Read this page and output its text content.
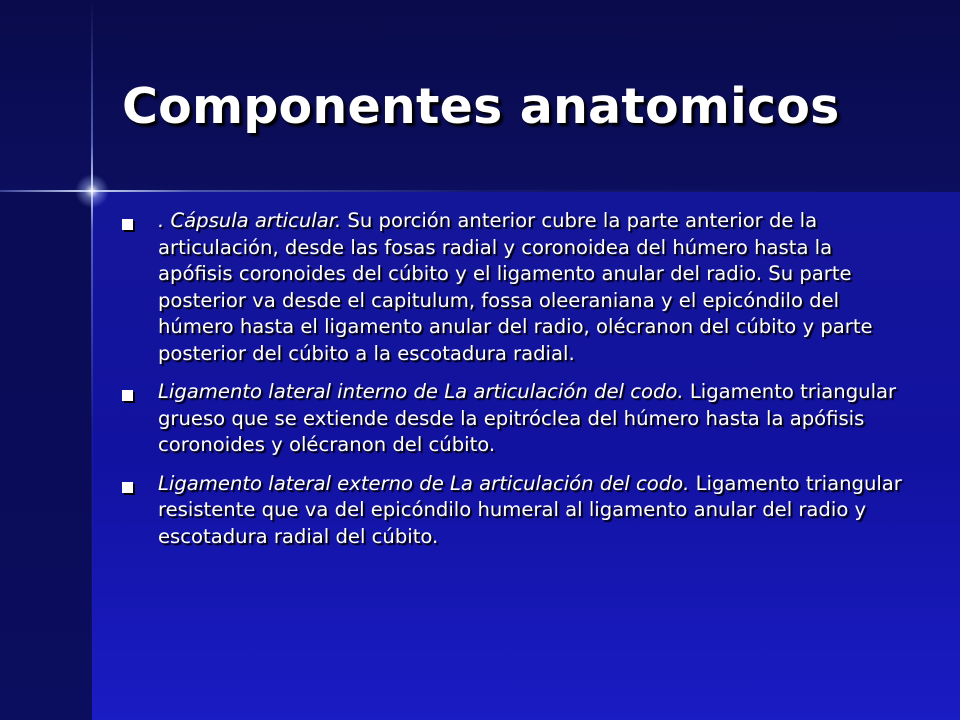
Componentes anatomicos
. Cápsula articular. Su porción anterior cubre la parte anterior de la articulación, desde las fosas radial y coronoidea del húmero hasta la apófisis coronoides del cúbito y el ligamento anular del radio. Su parte posterior va desde el capitulum, fossa oleeraniana y el epicóndilo del húmero hasta el ligamento anular del radio, olécranon del cúbito y parte posterior del cúbito a la escotadura radial.
Ligamento lateral interno de La articulación del codo. Ligamento triangular grueso que se extiende desde la epitróclea del húmero hasta la apófisis coronoides y olécranon del cúbito.
Ligamento lateral externo de La articulación del codo. Ligamento triangular resistente que va del epicóndilo humeral al ligamento anular del radio y escotadura radial del cúbito.
